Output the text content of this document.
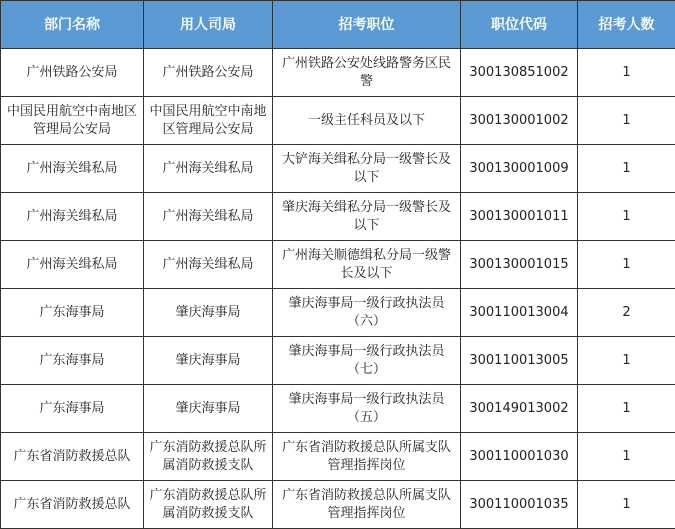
部门名称	用人司局	招考职位	职位代码	招考人数
广州铁路公安局	广州铁路公安局	广州铁路公安处线路警务区民警	300130851002	1
中国民用航空中南地区管理局公安局	中国民用航空中南地区管理局公安局	一级主任科员及以下	300130001002	1
广州海关缉私局	广州海关缉私局	大铲海关缉私分局一级警长及以下	300130001009	1
广州海关缉私局	广州海关缉私局	肇庆海关缉私分局一级警长及以下	300130001011	1
广州海关缉私局	广州海关缉私局	广州海关顺德缉私分局一级警长及以下	300130001015	1
广东海事局	肇庆海事局	肇庆海事局一级行政执法员（六）	300110013004	2
广东海事局	肇庆海事局	肇庆海事局一级行政执法员（七）	300110013005	1
广东海事局	肇庆海事局	肇庆海事局一级行政执法员（五）	300149013002	1
广东省消防救援总队	广东消防救援总队所属消防救援支队	广东省消防救援总队所属支队管理指挥岗位	300110001030	1
广东省消防救援总队	广东消防救援总队所属消防救援支队	广东省消防救援总队所属支队管理指挥岗位	300110001035	1
